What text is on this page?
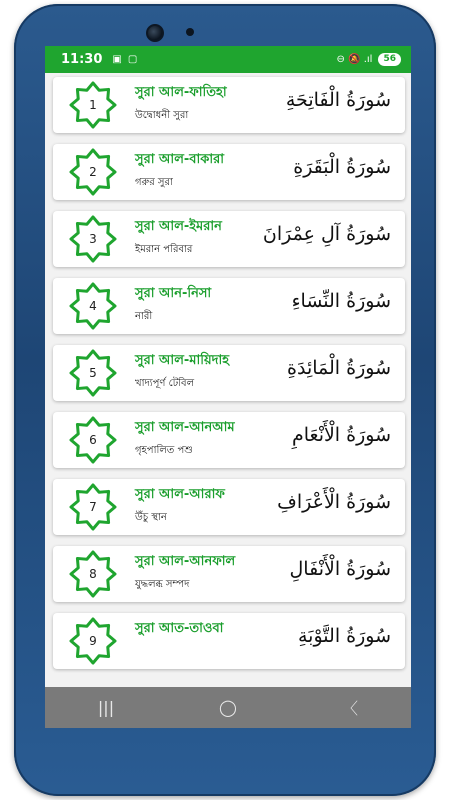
11:30 ▣ ▢	⊖ 🔕 .ıl	56
1
সুরা আল-ফাতিহা
উদ্বোধনী সুরা
سُورَةُ الْفَاتِحَةِ
2
সুরা আল-বাকারা
গরুর সুরা
سُورَةُ الْبَقَرَةِ
3
সুরা আল-ইমরান
ইমরান পরিবার
سُورَةُ آلِ عِمْرَانَ
4
সুরা আন-নিসা
নারী
سُورَةُ النِّسَاءِ
5
সুরা আল-মায়িদাহ
খাদ্যপূর্ণ টেবিল
سُورَةُ الْمَائِدَةِ
6
সুরা আল-আনআম
গৃহপালিত পশু
سُورَةُ الْأَنْعَامِ
7
সুরা আল-আরাফ
উঁচু স্থান
سُورَةُ الْأَعْرَافِ
8
সুরা আল-আনফাল
যুদ্ধলব্ধ সম্পদ
سُورَةُ الْأَنْفَالِ
9
সুরা আত-তাওবা	سُورَةُ التَّوْبَةِ
|||	◯	〈
